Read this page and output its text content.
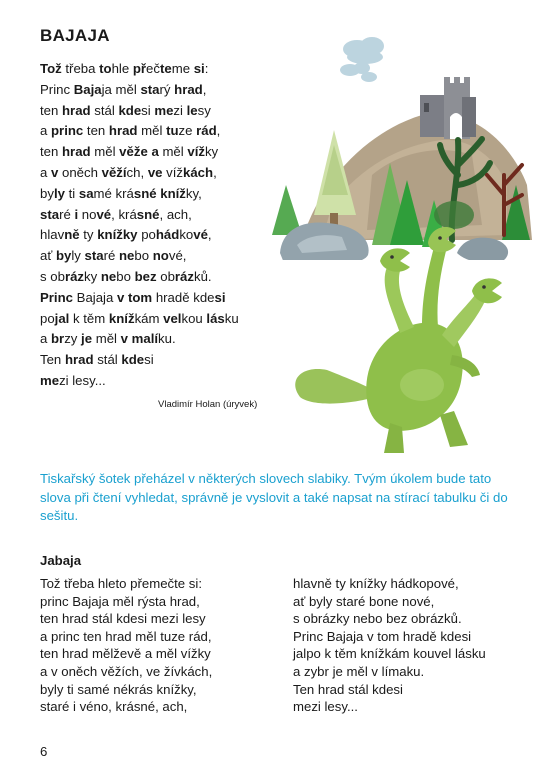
BAJAJA
Tož třeba tohle přečteme si:
Princ Bajaja měl starý hrad,
ten hrad stál kdesi mezi lesy
a princ ten hrad měl tuze rád,
ten hrad měl věže a měl vížky
a v oněch věžích, ve vížkách,
byly ti samé krásné knížky,
staré i nové, krásné, ach,
hlavně ty knížky pohádkové,
ať byly staré nebo nové,
s obrázky nebo bez obrázků.
Princ Bajaja v tom hradě kdesi
pojal k těm knížkám velkou lásku
a brzy je měl v malíku.
Ten hrad stál kdesi
mezi lesy...
Vladimír Holan (úryvek)
Tiskařský šotek přeházel v některých slovech slabiky. Tvým úkolem bude tato slova při čtení vyhledat, správně je vyslovit a také napsat na stírací tabulku či do sešitu.
Jabaja
Tož třeba hleto přemečte si:
princ Bajaja měl rýsta hrad,
ten hrad stál kdesi mezi lesy
a princ ten hrad měl tuze rád,
ten hrad mělževě a měl vížky
a v oněch věžích, ve žívkách,
byly ti samé nékrás knížky,
staré i véno, krásné, ach,
hlavně ty knížky hádkopové,
ať byly staré bone nové,
s obrázky nebo bez obrázků.
Princ Bajaja v tom hradě kdesi
jalpo k těm knížkám kouvel lásku
a zybr je měl v límaku.
Ten hrad stál kdesi
mezi lesy...
6
